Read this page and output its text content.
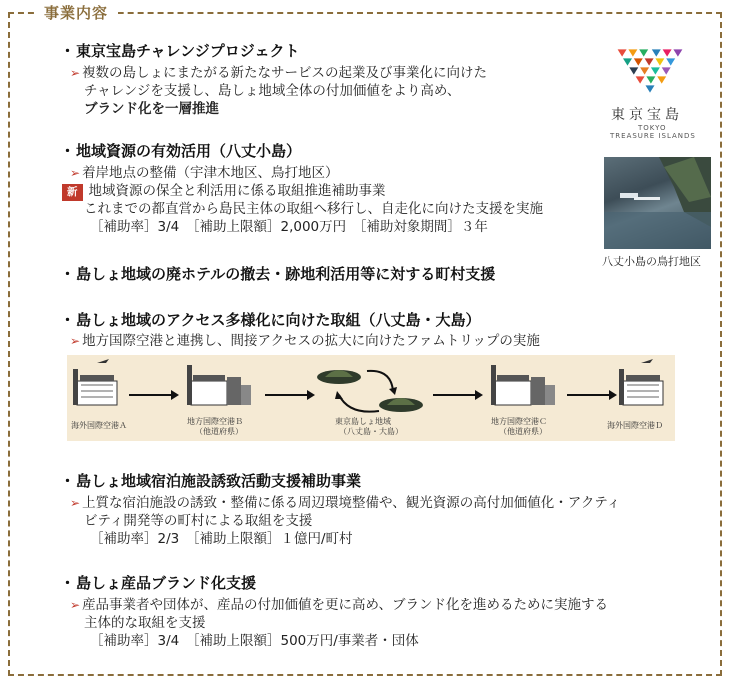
事業内容
東京宝島
TOKYO
TREASURE ISLANDS
八丈小島の鳥打地区
・東京宝島チャレンジプロジェクト
➢ 複数の島しょにまたがる新たなサービスの起業及び事業化に向けた
チャレンジを支援し、島しょ地域全体の付加価値をより高め、
ブランド化を一層推進
・地域資源の有効活用（八丈小島）
➢ 着岸地点の整備（宇津木地区、鳥打地区）
新 地域資源の保全と利活用に係る取組推進補助事業
これまでの都直営から島民主体の取組へ移行し、自走化に向けた支援を実施
［補助率］3/4　［補助上限額］2,000万円　［補助対象期間］３年
・島しょ地域の廃ホテルの撤去・跡地利活用等に対する町村支援
・島しょ地域のアクセス多様化に向けた取組（八丈島・大島）
➢ 地方国際空港と連携し、間接アクセスの拡大に向けたファムトリップの実施
海外国際空港Ａ	地方国際空港Ｂ
（他道府県）
東京島しょ地域
（八丈島・大島）
地方国際空港Ｃ
（他道府県）
海外国際空港Ｄ
・島しょ地域宿泊施設誘致活動支援補助事業
➢ 上質な宿泊施設の誘致・整備に係る周辺環境整備や、観光資源の高付加価値化・アクティ
ビティ開発等の町村による取組を支援
［補助率］2/3　［補助上限額］１億円/町村
・島しょ産品ブランド化支援
➢ 産品事業者や団体が、産品の付加価値を更に高め、ブランド化を進めるために実施する
主体的な取組を支援
［補助率］3/4　［補助上限額］500万円/事業者・団体
